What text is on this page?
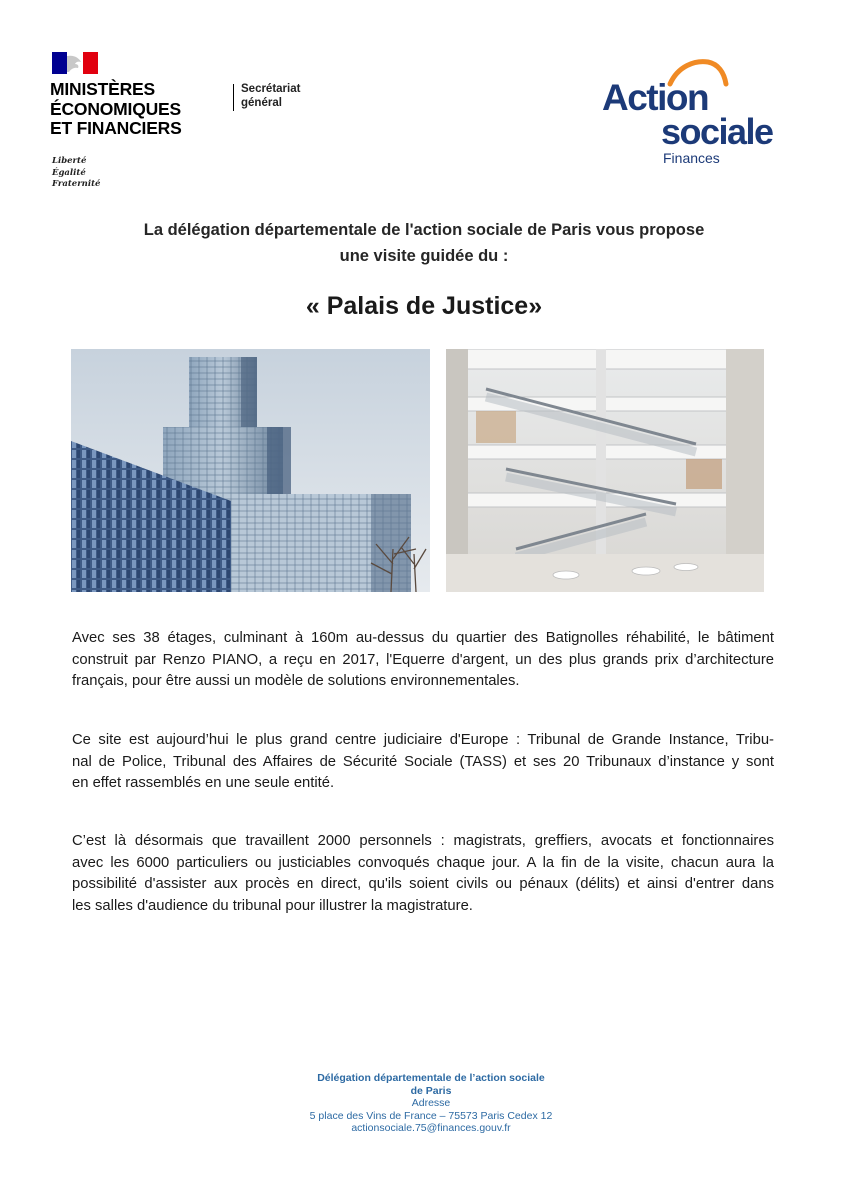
MINISTÈRES
ÉCONOMIQUES
ET FINANCIERS
Liberté
Égalité
Fraternité
Secrétariat
général	Action
sociale
Finances
La délégation départementale de l'action sociale de Paris vous propose
une visite guidée du :
« Palais de Justice»
Avec ses 38 étages, culminant à 160m au-dessus du quartier des Batignolles réhabilité, le bâtiment
construit par Renzo PIANO, a reçu en 2017, l'Equerre d'argent, un des plus grands prix d’architecture
français, pour être aussi un modèle de solutions environnementales.
Ce site est aujourd’hui le plus grand centre judiciaire d'Europe : Tribunal de Grande Instance, Tribu-
nal de Police, Tribunal des Affaires de Sécurité Sociale (TASS) et ses 20 Tribunaux d’instance y sont
en effet rassemblés en une seule entité.
C’est là désormais que travaillent 2000 personnels : magistrats, greffiers, avocats et fonctionnaires
avec les 6000 particuliers ou justiciables convoqués chaque jour. A la fin de la visite, chacun aura la
possibilité d'assister aux procès en direct, qu'ils soient civils ou pénaux (délits) et ainsi d'entrer dans
les salles d'audience du tribunal pour illustrer la magistrature.
Délégation départementale de l’action sociale
de Paris
Adresse
5 place des Vins de France – 75573 Paris Cedex 12
actionsociale.75@finances.gouv.fr
